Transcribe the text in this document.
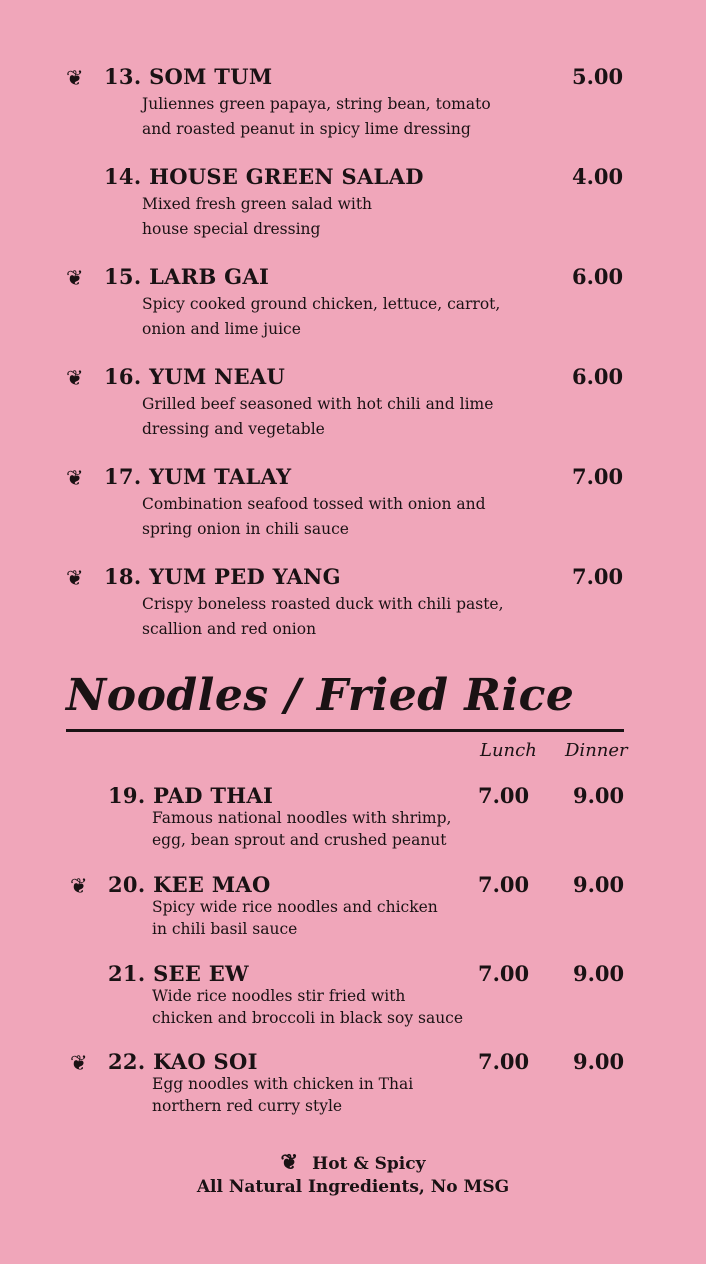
❦ 13. SOM TUM	5.00
Juliennes green papaya, string bean, tomato
and roasted peanut in spicy lime dressing
14. HOUSE GREEN SALAD	4.00
Mixed fresh green salad with
house special dressing
❦ 15. LARB GAI	6.00
Spicy cooked ground chicken, lettuce, carrot,
onion and lime juice
❦ 16. YUM NEAU	6.00
Grilled beef seasoned with hot chili and lime
dressing and vegetable
❦ 17. YUM TALAY	7.00
Combination seafood tossed with onion and
spring onion in chili sauce
❦ 18. YUM PED YANG	7.00
Crispy boneless roasted duck with chili paste,
scallion and red onion
Noodles / Fried Rice
Lunch Dinner
19. PAD THAI	7.00 9.00
Famous national noodles with shrimp,
egg, bean sprout and crushed peanut
❦ 20. KEE MAO	7.00 9.00
Spicy wide rice noodles and chicken
in chili basil sauce
21. SEE EW	7.00 9.00
Wide rice noodles stir fried with
chicken and broccoli in black soy sauce
❦ 22. KAO SOI	7.00 9.00
Egg noodles with chicken in Thai
northern red curry style
❦ Hot & Spicy
All Natural Ingredients, No MSG
